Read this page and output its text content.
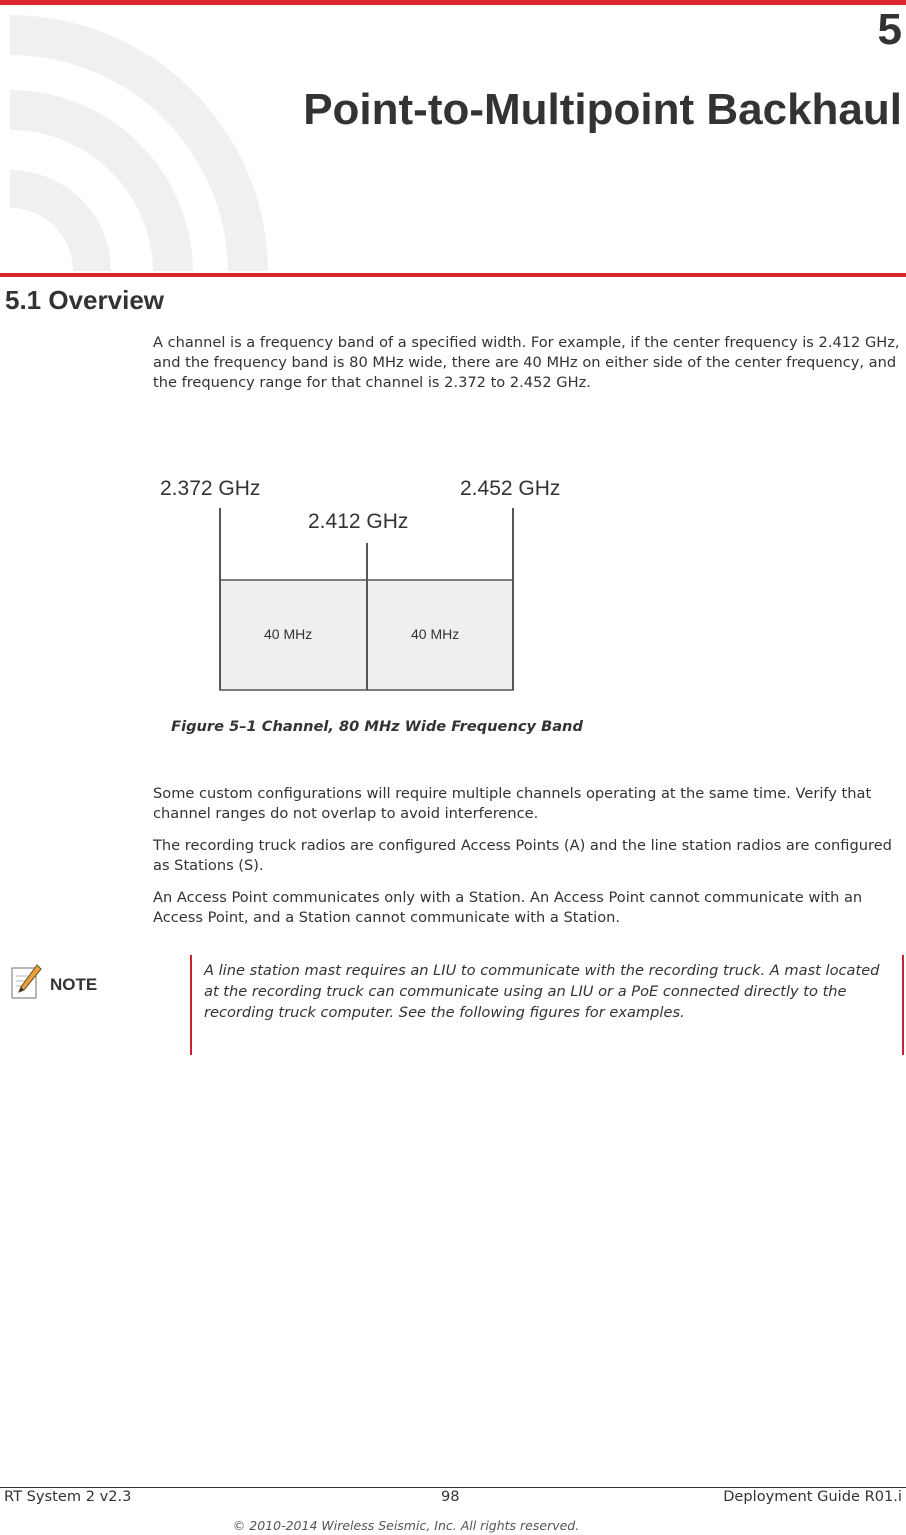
5
Point-to-Multipoint Backhaul
5.1 Overview

A channel is a frequency band of a specified width. For example, if the center frequency is 2.412 GHz, and the frequency band is 80 MHz wide, there are 40 MHz on either side of the center frequency, and the frequency range for that channel is 2.372 to 2.452 GHz.

2.372 GHz
2.412 GHz
2.452 GHz
40 MHz	40 MHz

Figure 5–1 Channel, 80 MHz Wide Frequency Band

Some custom configurations will require multiple channels operating at the same time. Verify that channel ranges do not overlap to avoid interference.

The recording truck radios are configured Access Points (A) and the line station radios are configured as Stations (S).

An Access Point communicates only with a Station. An Access Point cannot communicate with an Access Point, and a Station cannot communicate with a Station.

NOTE

A line station mast requires an LIU to communicate with the recording truck. A mast located at the recording truck can communicate using an LIU or a PoE connected directly to the recording truck computer. See the following figures for examples.

RT System 2 v2.3	98	Deployment Guide R01.i
© 2010-2014 Wireless Seismic, Inc. All rights reserved.
